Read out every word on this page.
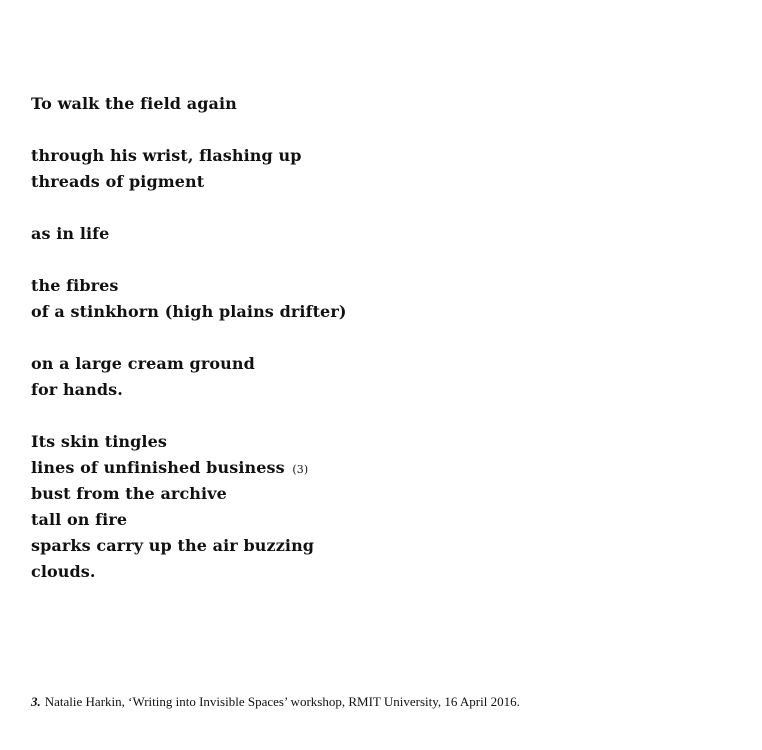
To walk the field again
through his wrist, flashing up
threads of pigment
as in life
the fibres
of a stinkhorn (high plains drifter)
on a large cream ground
for hands.
Its skin tingles
lines of unfinished business (3)
bust from the archive
tall on fire
sparks carry up the air buzzing
clouds.
3. Natalie Harkin, ‘Writing into Invisible Spaces’ workshop, RMIT University, 16 April 2016.
